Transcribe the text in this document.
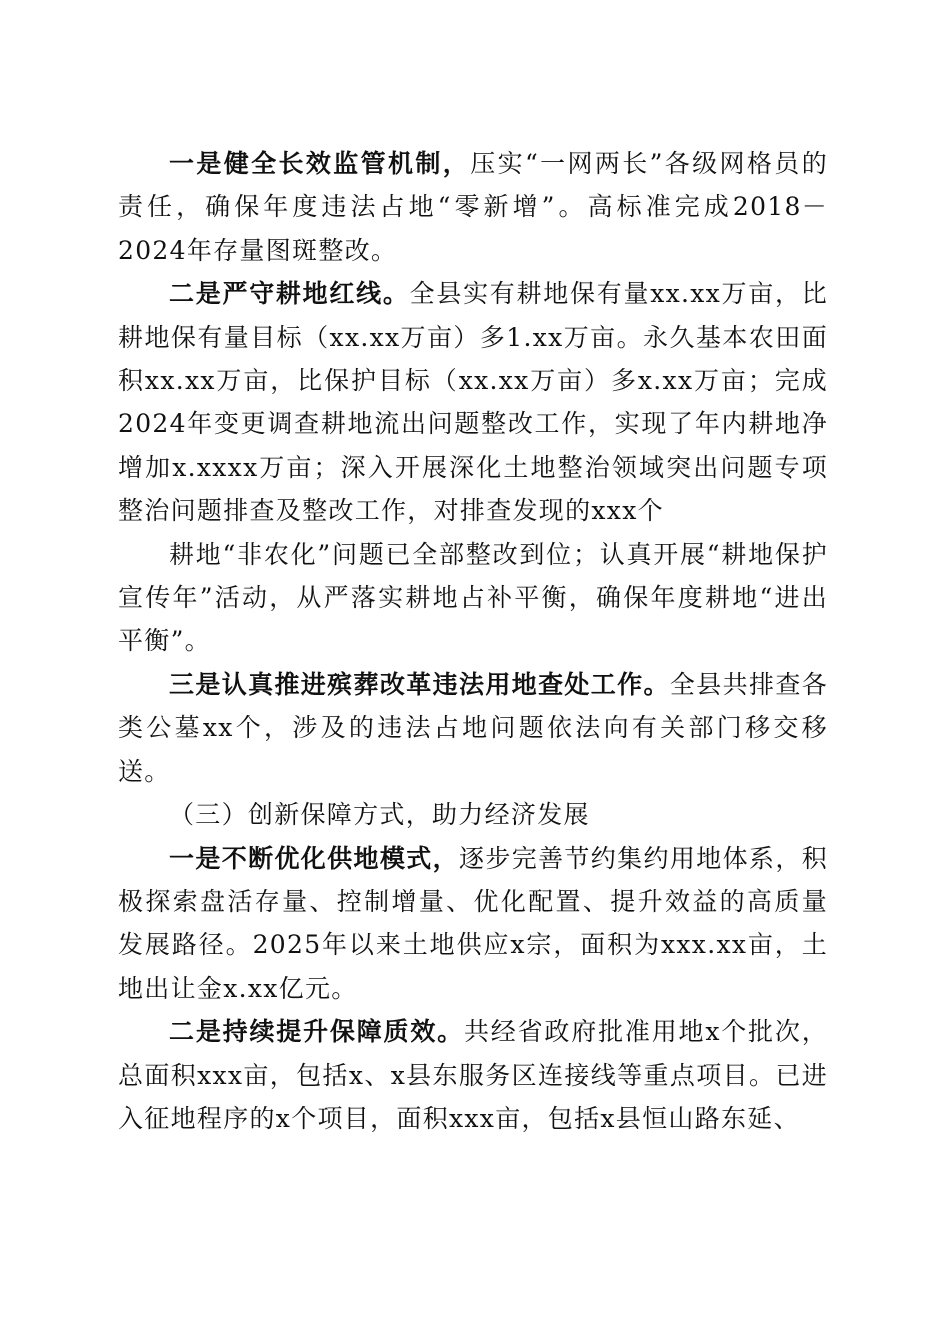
一是健全长效监管机制，压实“一网两长”各级网格员的责任，确保年度违法占地“零新增”。高标准完成2018－2024年存量图斑整改。

二是严守耕地红线。全县实有耕地保有量xx.xx万亩，比耕地保有量目标（xx.xx万亩）多1.xx万亩。永久基本农田面积xx.xx万亩，比保护目标（xx.xx万亩）多x.xx万亩；完成2024年变更调查耕地流出问题整改工作，实现了年内耕地净增加x.xxxx万亩；深入开展深化土地整治领域突出问题专项整治问题排查及整改工作，对排查发现的xxx个

耕地“非农化”问题已全部整改到位；认真开展“耕地保护宣传年”活动，从严落实耕地占补平衡，确保年度耕地“进出平衡”。

三是认真推进殡葬改革违法用地查处工作。全县共排查各类公墓xx个，涉及的违法占地问题依法向有关部门移交移送。

（三）创新保障方式，助力经济发展

一是不断优化供地模式，逐步完善节约集约用地体系，积极探索盘活存量、控制增量、优化配置、提升效益的高质量发展路径。2025年以来土地供应x宗，面积为xxx.xx亩，土地出让金x.xx亿元。

二是持续提升保障质效。共经省政府批准用地x个批次，总面积xxx亩，包括x、x县东服务区连接线等重点项目。已进入征地程序的x个项目，面积xxx亩，包括x县恒山路东延、
